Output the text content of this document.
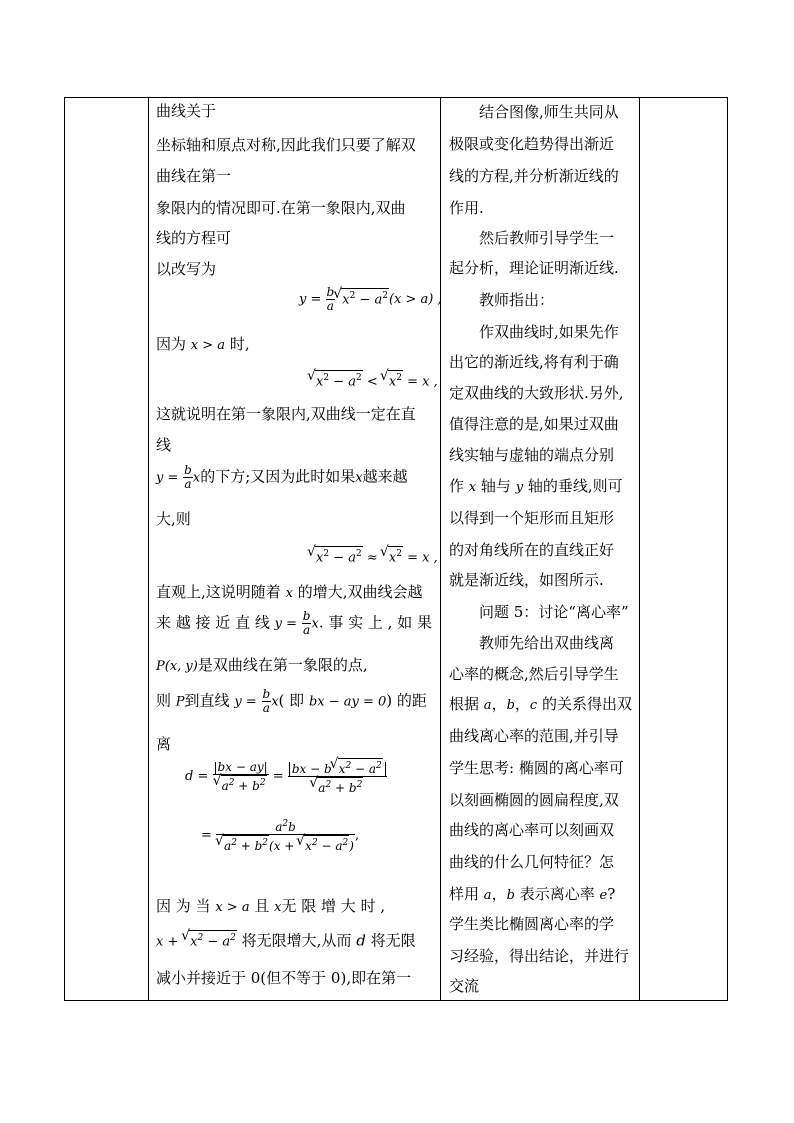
曲线关于
坐标轴和原点对称,因此我们只要了解双
曲线在第一
象限内的情况即可.在第一象限内,双曲
线的方程可
以改写为
$y = \frac{b}{a}$ √ $x^2 - a^2(x > a)$ ,
因为 x > a 时,
√ $x^2 - a^2$ < √ $x^2 = x$ ,
这就说明在第一象限内,双曲线一定在直
线
$y = \frac{b}{a}$ x的下方;又因为此时如果x越来越
大,则
√ $x^2 - a^2$ ≈ √ $x^2 = x$ ,
直观上,这说明随着 x 的增大,双曲线会越
来 越 接 近 直 线 $y = \frac{b}{a} x$. 事 实 上 , 如 果
P(x, y)是双曲线在第一象限的点,
则 P到直线 $y = \frac{b}{a} x$( 即 bx − ay = 0) 的距
离
d = |bx − ay|
√ $a^2 + b^2$ = bx − b √ $x^2 - a^2$
√ $a^2 + b^2$
= $a^2b$
√ $a^2 + b^2(x$ + √ $x^2 - a^2$) ,
因 为 当 x > a 且 x无 限 增 大 时 ,
x + √ $x^2 - a^2$ 将无限增大,从而 d 将无限
减小并接近于 0(但不等于 0),即在第一
结合图像,师生共同从
极限或变化趋势得出渐近
线的方程,并分析渐近线的
作用.
然后教师引导学生一
起分析，理论证明渐近线.
教师指出：
作双曲线时,如果先作
出它的渐近线,将有利于确
定双曲线的大致形状.另外,
值得注意的是,如果过双曲
线实轴与虚轴的端点分别
作 x 轴与 y 轴的垂线,则可
以得到一个矩形而且矩形
的对角线所在的直线正好
就是渐近线，如图所示.
问题 5：讨论“离心率”
教师先给出双曲线离
心率的概念,然后引导学生
根据 a，b，c 的关系得出双
曲线离心率的范围,并引导
学生思考: 椭圆的离心率可
以刻画椭圆的圆扁程度,双
曲线的离心率可以刻画双
曲线的什么几何特征？怎
样用 a，b 表示离心率 e?
学生类比椭圆离心率的学
习经验，得出结论，并进行
交流
